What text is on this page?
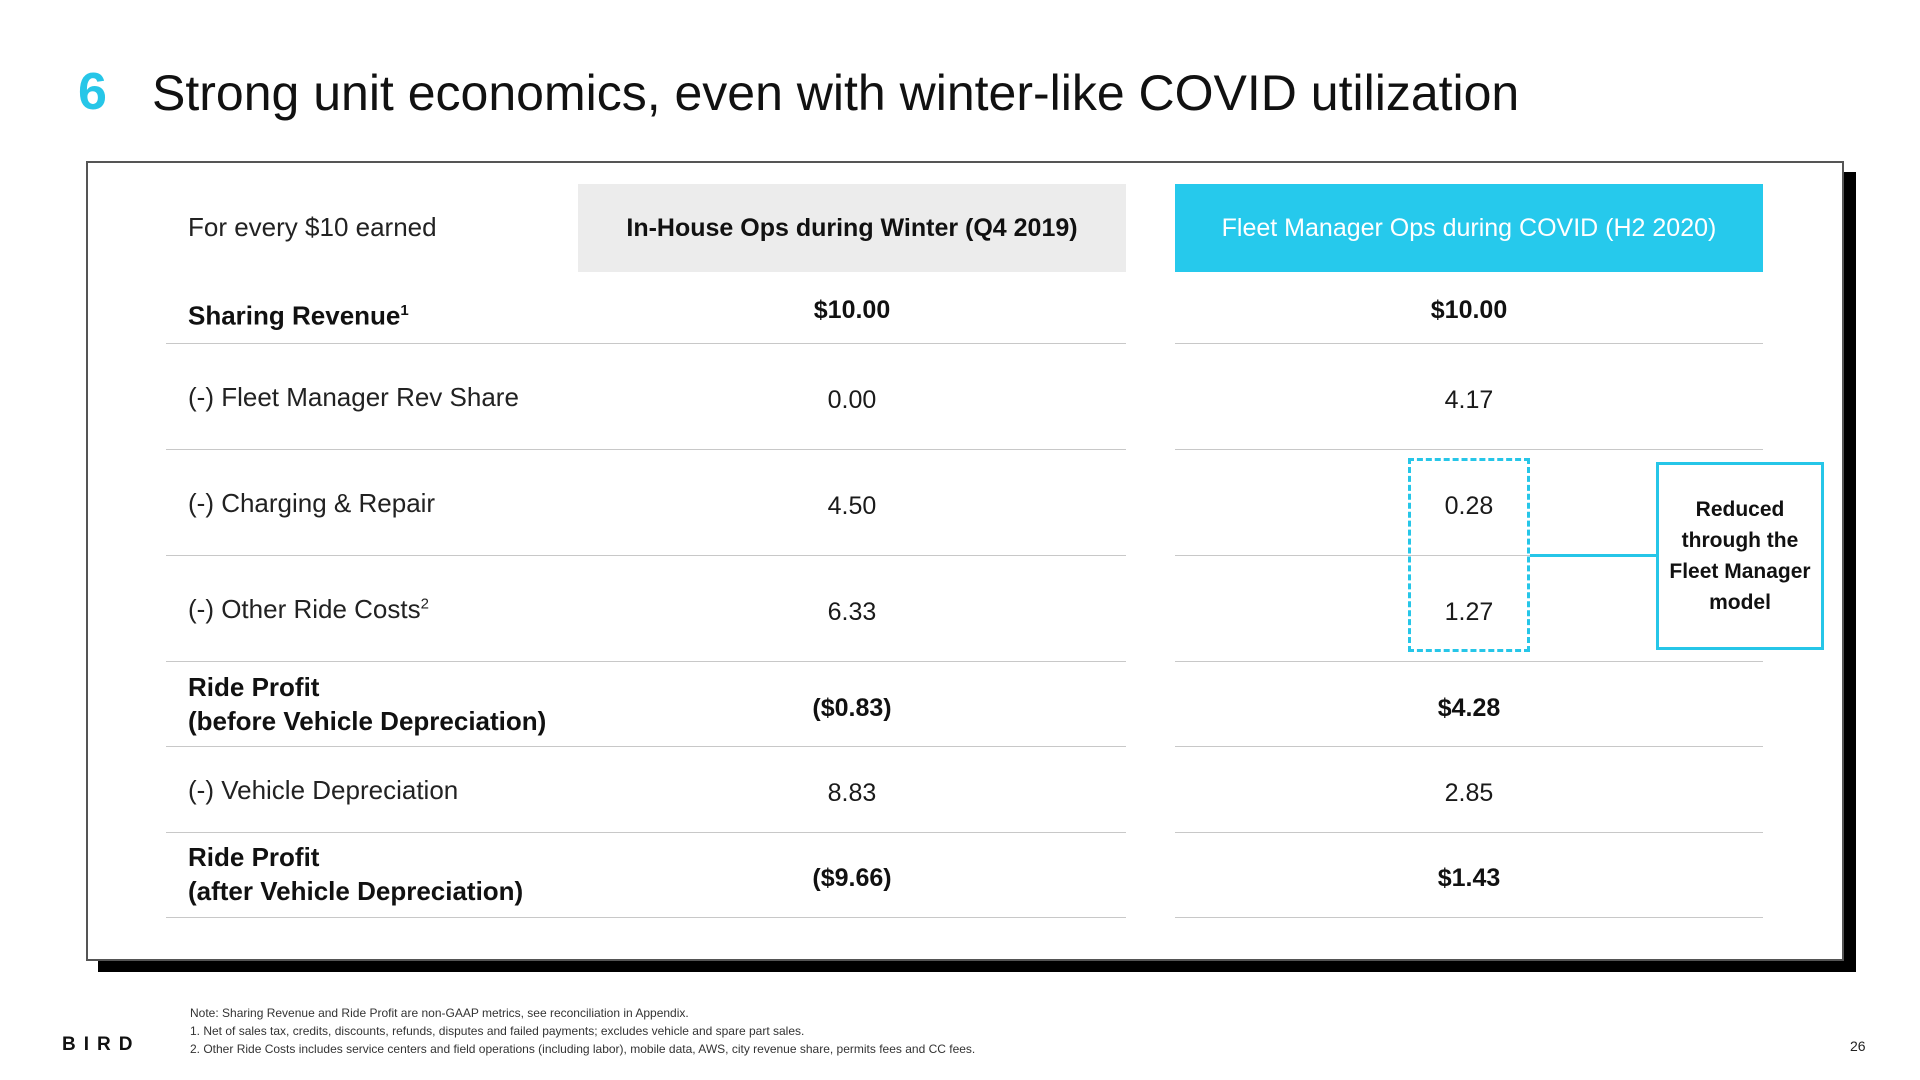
6 Strong unit economics, even with winter-like COVID utilization
For every $10 earned	In-House Ops during Winter (Q4 2019)	Fleet Manager Ops during COVID (H2 2020)
Sharing Revenue$^1$	$10.00	$10.00
(-) Fleet Manager Rev Share	0.00	4.17
(-) Charging & Repair	4.50	0.28
(-) Other Ride Costs$^2$	6.33	1.27
Ride Profit
(before Vehicle Depreciation)	($0.83)	$4.28
(-) Vehicle Depreciation	8.83	2.85
Ride Profit
(after Vehicle Depreciation)	($9.66)	$1.43
Reduced through the Fleet Manager model
BIRD
Note: Sharing Revenue and Ride Profit are non-GAAP metrics, see reconciliation in Appendix.
1. Net of sales tax, credits, discounts, refunds, disputes and failed payments; excludes vehicle and spare part sales.
2. Other Ride Costs includes service centers and field operations (including labor), mobile data, AWS, city revenue share, permits fees and CC fees.	26
